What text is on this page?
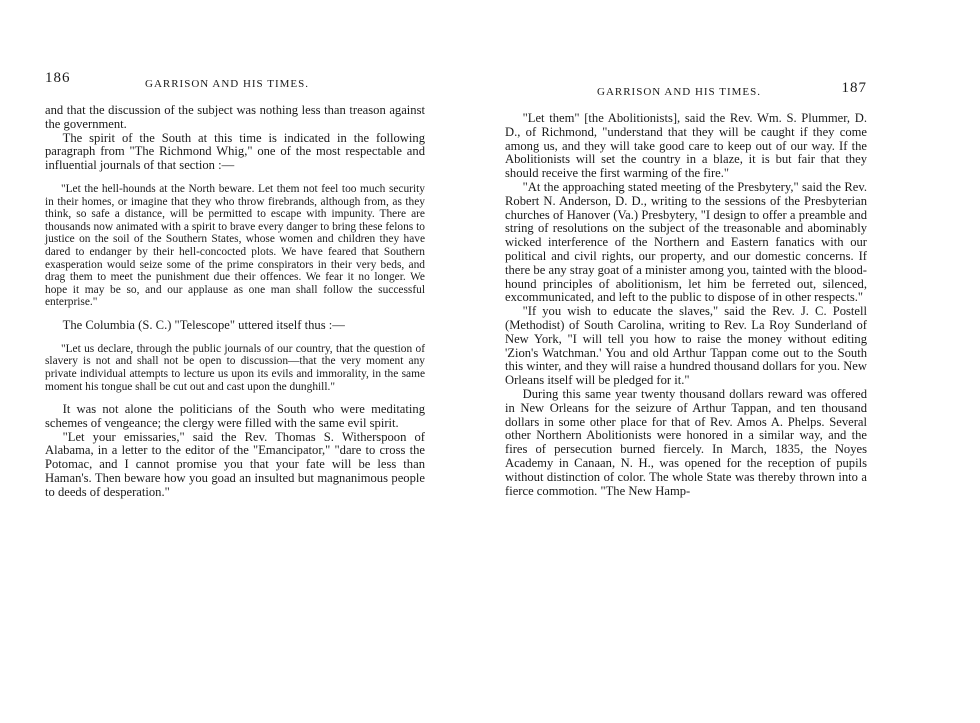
186	GARRISON AND HIS TIMES.

and that the discussion of the subject was nothing less than treason against the government.

The spirit of the South at this time is indicated in the following paragraph from "The Richmond Whig," one of the most respectable and influential journals of that section :—

"Let the hell-hounds at the North beware. Let them not feel too much security in their homes, or imagine that they who throw firebrands, although from, as they think, so safe a distance, will be permitted to escape with impunity. There are thousands now animated with a spirit to brave every danger to bring these felons to justice on the soil of the Southern States, whose women and children they have dared to endanger by their hell-concocted plots. We have feared that Southern exasperation would seize some of the prime conspirators in their very beds, and drag them to meet the punishment due their offences. We fear it no longer. We hope it may be so, and our applause as one man shall follow the successful enterprise."

The Columbia (S. C.) "Telescope" uttered itself thus :—

"Let us declare, through the public journals of our country, that the question of slavery is not and shall not be open to discussion—that the very moment any private individual attempts to lecture us upon its evils and immorality, in the same moment his tongue shall be cut out and cast upon the dunghill."

It was not alone the politicians of the South who were meditating schemes of vengeance; the clergy were filled with the same evil spirit.

"Let your emissaries," said the Rev. Thomas S. Witherspoon of Alabama, in a letter to the editor of the "Emancipator," "dare to cross the Potomac, and I cannot promise you that your fate will be less than Haman's. Then beware how you goad an insulted but magnanimous people to deeds of desperation."

GARRISON AND HIS TIMES.	187

"Let them" [the Abolitionists], said the Rev. Wm. S. Plummer, D. D., of Richmond, "understand that they will be caught if they come among us, and they will take good care to keep out of our way. If the Abolitionists will set the country in a blaze, it is but fair that they should receive the first warming of the fire."

"At the approaching stated meeting of the Presbytery," said the Rev. Robert N. Anderson, D. D., writing to the sessions of the Presbyterian churches of Hanover (Va.) Presbytery, "I design to offer a preamble and string of resolutions on the subject of the treasonable and abominably wicked interference of the Northern and Eastern fanatics with our political and civil rights, our property, and our domestic concerns. If there be any stray goat of a minister among you, tainted with the blood-hound principles of abolitionism, let him be ferreted out, silenced, excommunicated, and left to the public to dispose of in other respects."

"If you wish to educate the slaves," said the Rev. J. C. Postell (Methodist) of South Carolina, writing to Rev. La Roy Sunderland of New York, "I will tell you how to raise the money without editing 'Zion's Watchman.' You and old Arthur Tappan come out to the South this winter, and they will raise a hundred thousand dollars for you. New Orleans itself will be pledged for it."

During this same year twenty thousand dollars reward was offered in New Orleans for the seizure of Arthur Tappan, and ten thousand dollars in some other place for that of Rev. Amos A. Phelps. Several other Northern Abolitionists were honored in a similar way, and the fires of persecution burned fiercely. In March, 1835, the Noyes Academy in Canaan, N. H., was opened for the reception of pupils without distinction of color. The whole State was thereby thrown into a fierce commotion. "The New Hamp-
